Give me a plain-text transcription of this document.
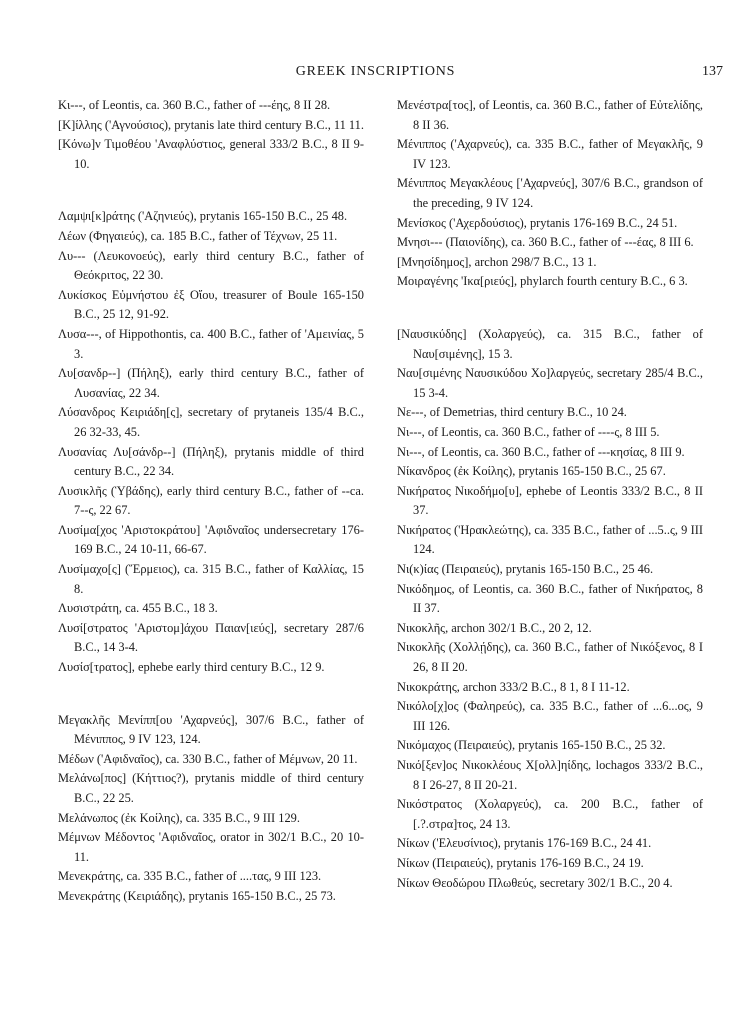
GREEK INSCRIPTIONS	137

Κι---, of Leontis, ca. 360 B.C., father of ---έης, 8 II 28.

[Κ]ίλλης ('Αγνούσιος), prytanis late third century B.C., 11 11.

[Κόνω]ν Τιμοθέου 'Αναφλύστιος, general 333/2 B.C., 8 II 9-10.

Λαμψι[κ]ράτης ('Αζηνιεύς), prytanis 165-150 B.C., 25 48.

Λέων (Φηγαιεύς), ca. 185 B.C., father of Τέχνων, 25 11.

Λυ--- (Λευκονοεύς), early third century B.C., father of Θεόκριτος, 22 30.

Λυκίσκος Εὐμνήστου ἐξ Οἴου, treasurer of Boule 165-150 B.C., 25 12, 91-92.

Λυσα---, of Hippothontis, ca. 400 B.C., father of 'Αμεινίας, 5 3.

Λυ[σανδρ--] (Πήληξ), early third century B.C., father of Λυσανίας, 22 34.

Λύσανδρος Κειριάδη[ς], secretary of prytaneis 135/4 B.C., 26 32-33, 45.

Λυσανίας Λυ[σάνδρ--] (Πήληξ), prytanis middle of third century B.C., 22 34.

Λυσικλῆς (Ὑβάδης), early third century B.C., father of --ca. 7--ς, 22 67.

Λυσίμα[χος 'Αριστοκράτου] 'Αφιδναῖος undersecretary 176-169 B.C., 24 10-11, 66-67.

Λυσίμαχο[ς] (Ἕρμειος), ca. 315 B.C., father of Καλλίας, 15 8.

Λυσιστράτη, ca. 455 B.C., 18 3.

Λυσί[στρατος 'Αριστομ]άχου Παιαν[ιεύς], secretary 287/6 B.C., 14 3-4.

Λυσίσ[τρατος], ephebe early third century B.C., 12 9.

Μεγακλῆς Μενίππ[ου 'Αχαρνεύς], 307/6 B.C., father of Μένιππος, 9 IV 123, 124.

Μέδων ('Αφιδναῖος), ca. 330 B.C., father of Μέμνων, 20 11.

Μελάνω[πος] (Κήττιος?), prytanis middle of third century B.C., 22 25.

Μελάνωπος (ἐκ Κοίλης), ca. 335 B.C., 9 III 129.

Μέμνων Μέδοντος 'Αφιδναῖος, orator in 302/1 B.C., 20 10-11.

Μενεκράτης, ca. 335 B.C., father of ....τας, 9 III 123.

Μενεκράτης (Κειριάδης), prytanis 165-150 B.C., 25 73.

Μενέστρα[τος], of Leontis, ca. 360 B.C., father of Εὐτελίδης, 8 II 36.

Μένιππος ('Αχαρνεύς), ca. 335 B.C., father of Μεγακλῆς, 9 IV 123.

Μένιππος Μεγακλέους ['Αχαρνεύς], 307/6 B.C., grandson of the preceding, 9 IV 124.

Μενίσκος ('Αχερδούσιος), prytanis 176-169 B.C., 24 51.

Μνησι--- (Παιονίδης), ca. 360 B.C., father of ---έας, 8 III 6.

[Μνησίδημος], archon 298/7 B.C., 13 1.

Μοιραγένης 'Ικα[ριεύς], phylarch fourth century B.C., 6 3.

[Ναυσικύδης] (Χολαργεύς), ca. 315 B.C., father of Ναυ[σιμένης], 15 3.

Ναυ[σιμένης Ναυσικύδου Χο]λαργεύς, secretary 285/4 B.C., 15 3-4.

Νε---, of Demetrias, third century B.C., 10 24.

Νι---, of Leontis, ca. 360 B.C., father of ----ς, 8 III 5.

Νι---, of Leontis, ca. 360 B.C., father of ---κησίας, 8 III 9.

Νίκανδρος (ἐκ Κοίλης), prytanis 165-150 B.C., 25 67.

Νικήρατος Νικοδήμο[υ], ephebe of Leontis 333/2 B.C., 8 II 37.

Νικήρατος ('Ηρακλεώτης), ca. 335 B.C., father of ...5..ς, 9 III 124.

Νι(κ)ίας (Πειραιεύς), prytanis 165-150 B.C., 25 46.

Νικόδημος, of Leontis, ca. 360 B.C., father of Νικήρατος, 8 II 37.

Νικοκλῆς, archon 302/1 B.C., 20 2, 12.

Νικοκλῆς (Χολλῄδης), ca. 360 B.C., father of Νικόξενος, 8 I 26, 8 II 20.

Νικοκράτης, archon 333/2 B.C., 8 1, 8 I 11-12.

Νικόλο[χ]ος (Φαληρεύς), ca. 335 B.C., father of ...6...ος, 9 III 126.

Νικόμαχος (Πειραιεύς), prytanis 165-150 B.C., 25 32.

Νικό[ξεν]ος Νικοκλέους Χ[ολλ]ηίδης, lochagos 333/2 B.C., 8 I 26-27, 8 II 20-21.

Νικόστρατος (Χολαργεύς), ca. 200 B.C., father of [.?.στρα]τος, 24 13.

Νίκων ('Ελευσίνιος), prytanis 176-169 B.C., 24 41.

Νίκων (Πειραιεύς), prytanis 176-169 B.C., 24 19.

Νίκων Θεοδώρου Πλωθεύς, secretary 302/1 B.C., 20 4.
